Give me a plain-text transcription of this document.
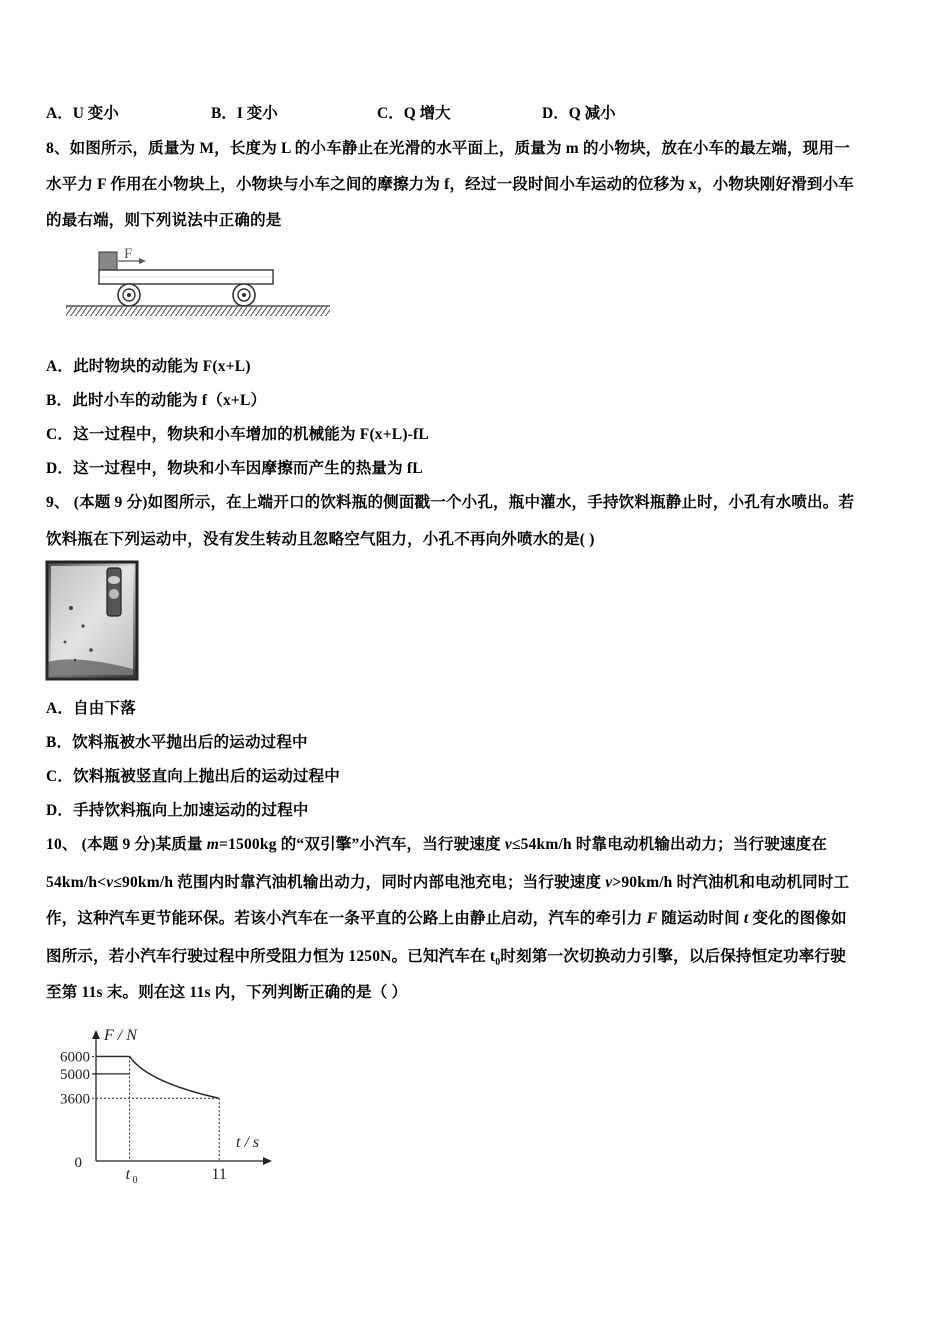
A．U 变小	B．I 变小	C．Q 增大	D．Q 减小
8、如图所示，质量为 M，长度为 L 的小车静止在光滑的水平面上，质量为 m 的小物块，放在小车的最左端，现用一
水平力 F 作用在小物块上，小物块与小车之间的摩擦力为 f，经过一段时间小车运动的位移为 x，小物块刚好滑到小车
的最右端，则下列说法中正确的是
F
A．此时物块的动能为 F(x+L)
B．此时小车的动能为 f（x+L）
C．这一过程中，物块和小车增加的机械能为 F(x+L)-fL
D．这一过程中，物块和小车因摩擦而产生的热量为 fL
9、 (本题 9 分)如图所示，在上端开口的饮料瓶的侧面戳一个小孔，瓶中灌水，手持饮料瓶静止时，小孔有水喷出。若
饮料瓶在下列运动中，没有发生转动且忽略空气阻力，小孔不再向外喷水的是( )
A．自由下落
B．饮料瓶被水平抛出后的运动过程中
C．饮料瓶被竖直向上抛出后的运动过程中
D．手持饮料瓶向上加速运动的过程中
10、 (本题 9 分)某质量 m=1500kg 的“双引擎”小汽车，当行驶速度 v≤54km/h 时靠电动机输出动力；当行驶速度在
54km/h<v≤90km/h 范围内时靠汽油机输出动力，同时内部电池充电；当行驶速度 v>90km/h 时汽油机和电动机同时工
作，这种汽车更节能环保。若该小汽车在一条平直的公路上由静止启动，汽车的牵引力 F 随运动时间 t 变化的图像如
图所示，若小汽车行驶过程中所受阻力恒为 1250N。已知汽车在 $t_0$时刻第一次切换动力引擎，以后保持恒定功率行驶
至第 11s 末。则在这 11s 内，下列判断正确的是（ ）
F / N
t / s
6000
5000
3600
0
t 0	11
